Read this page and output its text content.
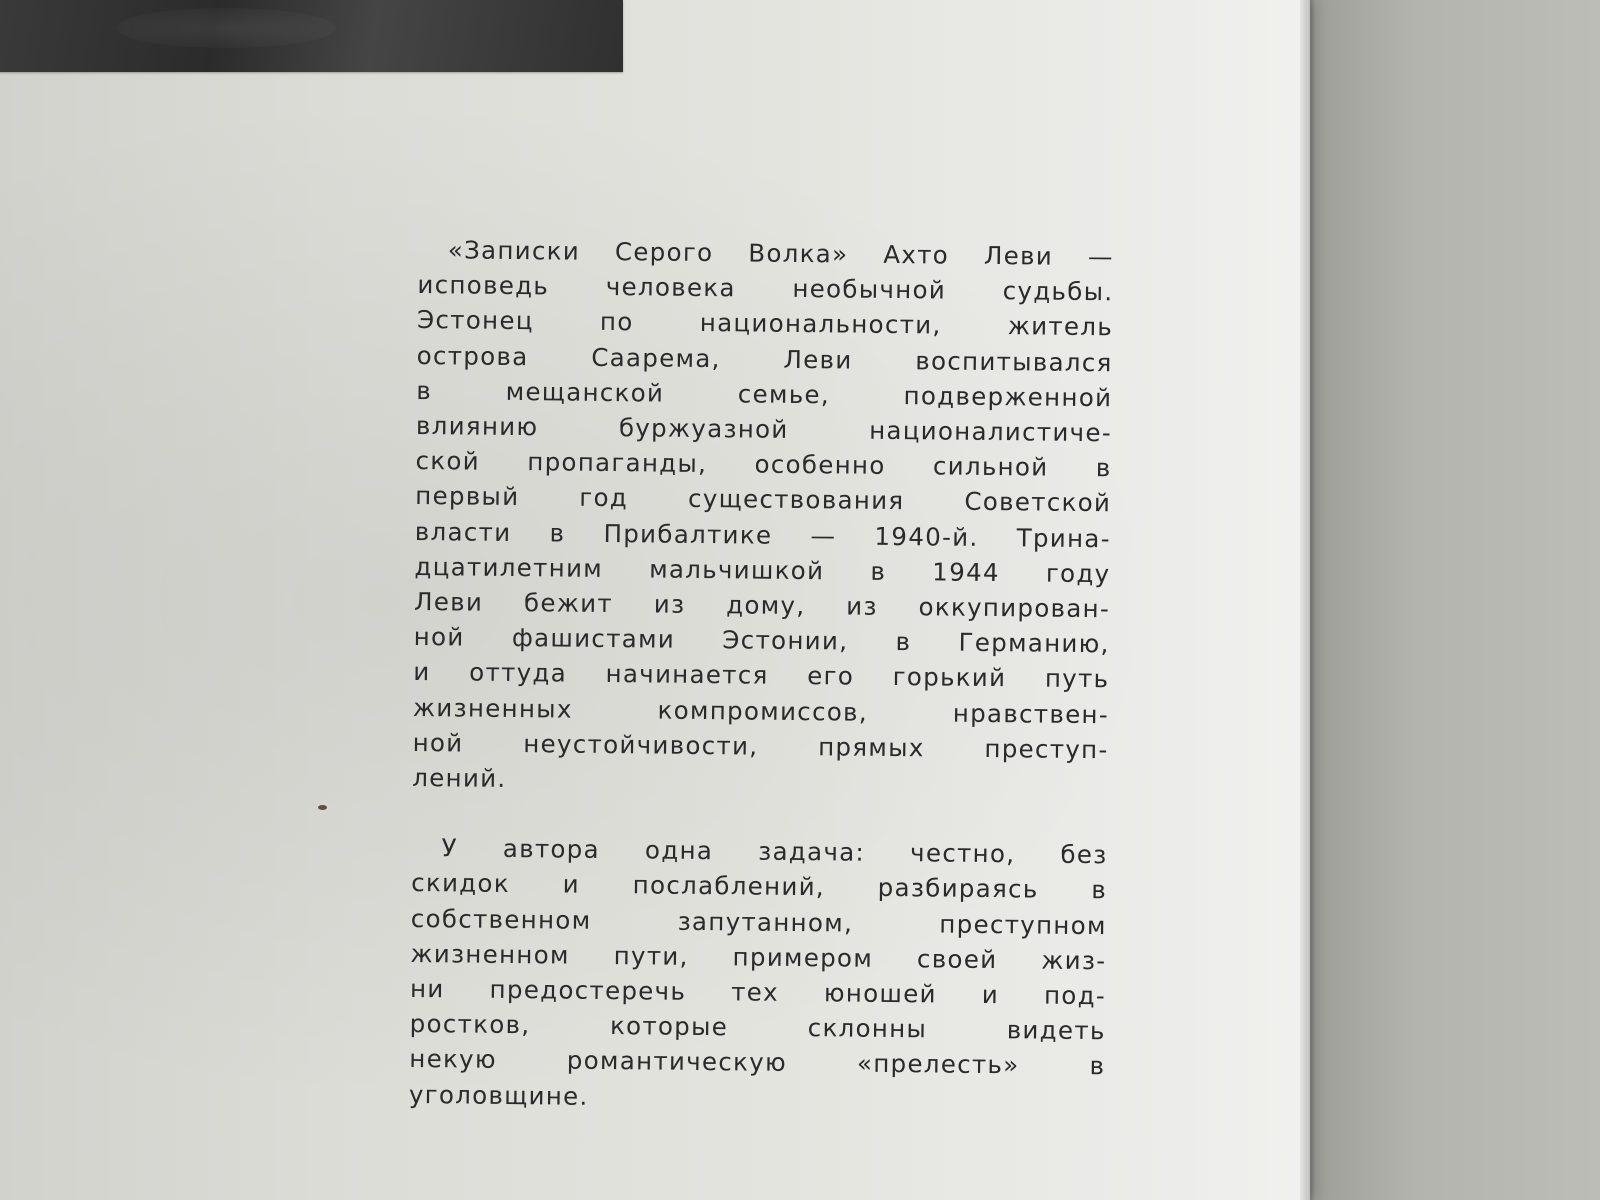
«Записки Серого Волка» Ахто Леви —
исповедь человека необычной судьбы.
Эстонец по национальности, житель
острова Саарема, Леви воспитывался
в мещанской семье, подверженной
влиянию буржуазной националистиче-
ской пропаганды, особенно сильной в
первый год существования Советской
власти в Прибалтике — 1940-й. Трина-
дцатилетним мальчишкой в 1944 году
Леви бежит из дому, из оккупирован-
ной фашистами Эстонии, в Германию,
и оттуда начинается его горький путь
жизненных компромиссов, нравствен-
ной неустойчивости, прямых преступ-
лений.

У автора одна задача: честно, без
скидок и послаблений, разбираясь в
собственном запутанном, преступном
жизненном пути, примером своей жиз-
ни предостеречь тех юношей и под-
ростков, которые склонны видеть
некую романтическую «прелесть» в
уголовщине.
